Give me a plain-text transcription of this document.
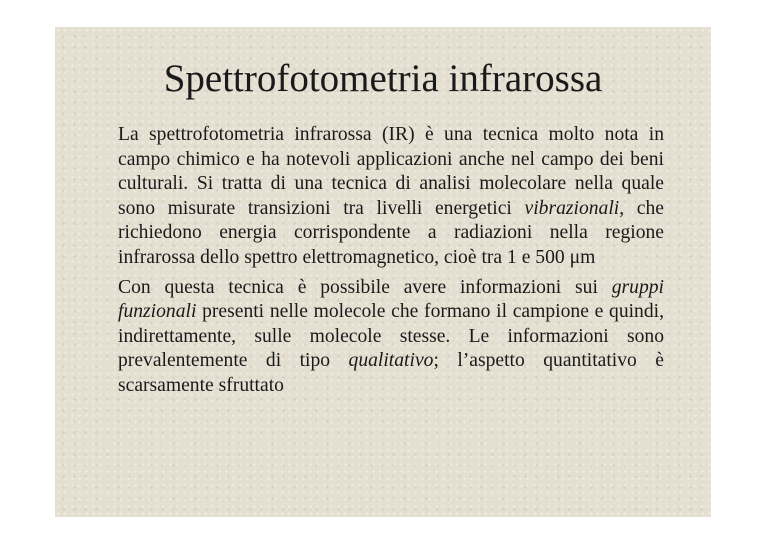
Spettrofotometria infrarossa

La spettrofotometria infrarossa (IR) è una tecnica molto nota in campo chimico e ha notevoli applicazioni anche nel campo dei beni culturali. Si tratta di una tecnica di analisi molecolare nella quale sono misurate transizioni tra livelli energetici vibrazionali, che richiedono energia corrispondente a radiazioni nella regione infrarossa dello spettro elettromagnetico, cioè tra 1 e 500 μm

Con questa tecnica è possibile avere informazioni sui gruppi funzionali presenti nelle molecole che formano il campione e quindi, indirettamente, sulle molecole stesse. Le informazioni sono prevalentemente di tipo qualitativo; l’aspetto quantitativo è scarsamente sfruttato
